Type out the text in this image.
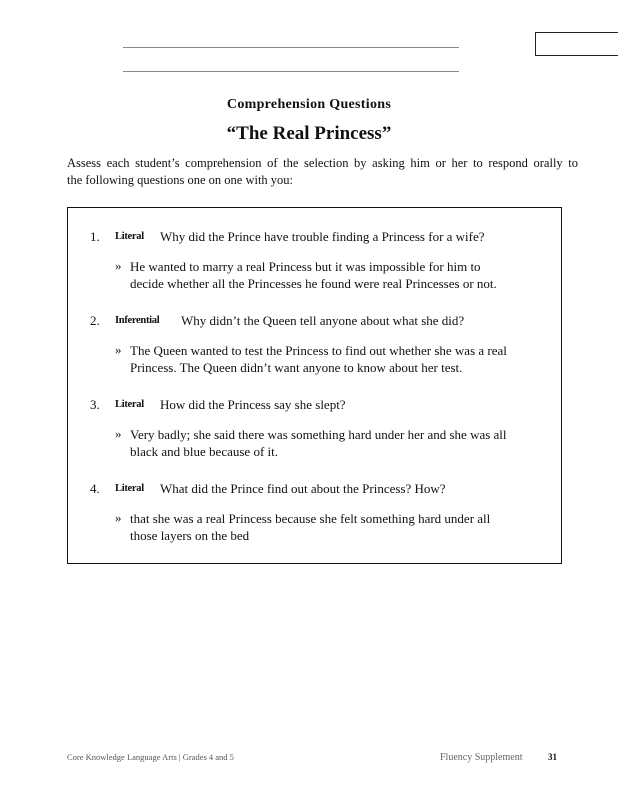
Comprehension Questions
“The Real Princess”
Assess each student’s comprehension of the selection by asking him or her to respond orally to
the following questions one on one with you:
1. Literal Why did the Prince have trouble finding a Princess for a wife?
» He wanted to marry a real Princess but it was impossible for him to
decide whether all the Princesses he found were real Princesses or not.
2. Inferential Why didn’t the Queen tell anyone about what she did?
» The Queen wanted to test the Princess to find out whether she was a real
Princess. The Queen didn’t want anyone to know about her test.
3. Literal How did the Princess say she slept?
» Very badly; she said there was something hard under her and she was all
black and blue because of it.
4. Literal What did the Prince find out about the Princess? How?
» that she was a real Princess because she felt something hard under all
those layers on the bed
Core Knowledge Language Arts | Grades 4 and 5	Fluency Supplement	31
